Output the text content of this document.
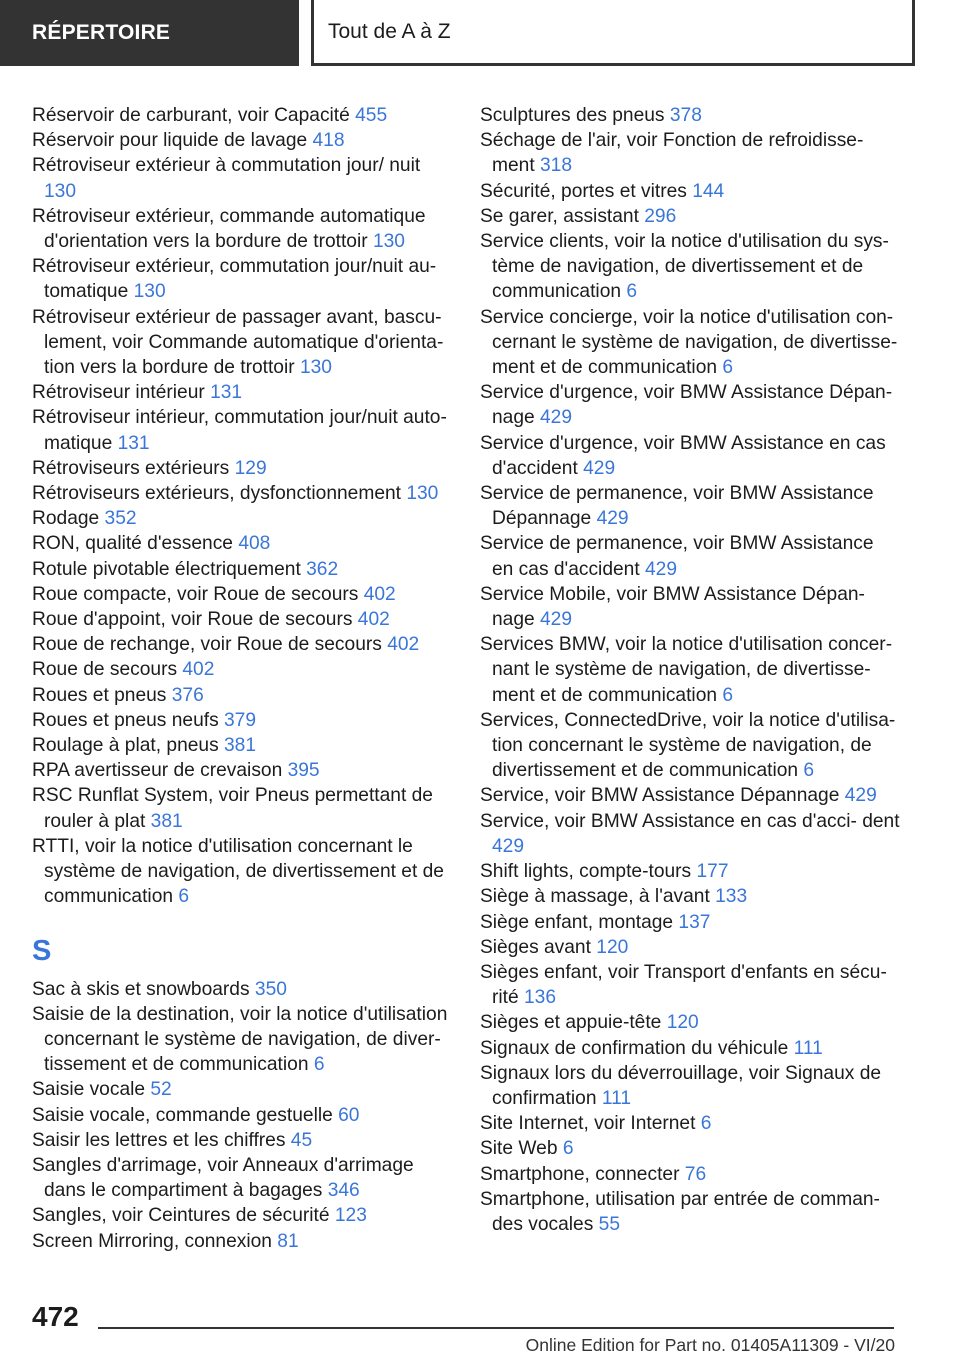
RÉPERTOIRE	Tout de A à Z
Réservoir de carburant, voir Capacité 455
Réservoir pour liquide de lavage 418
Rétroviseur extérieur à commutation jour/ nuit 130
Rétroviseur extérieur, commande automatique d'orientation vers la bordure de trottoir 130
Rétroviseur extérieur, commutation jour/nuit au- tomatique 130
Rétroviseur extérieur de passager avant, bascu- lement, voir Commande automatique d'orienta- tion vers la bordure de trottoir 130
Rétroviseur intérieur 131
Rétroviseur intérieur, commutation jour/nuit auto- matique 131
Rétroviseurs extérieurs 129
Rétroviseurs extérieurs, dysfonctionnement 130
Rodage 352
RON, qualité d'essence 408
Rotule pivotable électriquement 362
Roue compacte, voir Roue de secours 402
Roue d'appoint, voir Roue de secours 402
Roue de rechange, voir Roue de secours 402
Roue de secours 402
Roues et pneus 376
Roues et pneus neufs 379
Roulage à plat, pneus 381
RPA avertisseur de crevaison 395
RSC Runflat System, voir Pneus permettant de rouler à plat 381
RTTI, voir la notice d'utilisation concernant le système de navigation, de divertissement et de communication 6
S
Sac à skis et snowboards 350
Saisie de la destination, voir la notice d'utilisation concernant le système de navigation, de diver- tissement et de communication 6
Saisie vocale 52
Saisie vocale, commande gestuelle 60
Saisir les lettres et les chiffres 45
Sangles d'arrimage, voir Anneaux d'arrimage dans le compartiment à bagages 346
Sangles, voir Ceintures de sécurité 123
Screen Mirroring, connexion 81
Sculptures des pneus 378
Séchage de l'air, voir Fonction de refroidisse- ment 318
Sécurité, portes et vitres 144
Se garer, assistant 296
Service clients, voir la notice d'utilisation du sys- tème de navigation, de divertissement et de communication 6
Service concierge, voir la notice d'utilisation con- cernant le système de navigation, de divertisse- ment et de communication 6
Service d'urgence, voir BMW Assistance Dépan- nage 429
Service d'urgence, voir BMW Assistance en cas d'accident 429
Service de permanence, voir BMW Assistance Dépannage 429
Service de permanence, voir BMW Assistance en cas d'accident 429
Service Mobile, voir BMW Assistance Dépan- nage 429
Services BMW, voir la notice d'utilisation concer- nant le système de navigation, de divertisse- ment et de communication 6
Services, ConnectedDrive, voir la notice d'utilisa- tion concernant le système de navigation, de divertissement et de communication 6
Service, voir BMW Assistance Dépannage 429
Service, voir BMW Assistance en cas d'acci- dent 429
Shift lights, compte-tours 177
Siège à massage, à l'avant 133
Siège enfant, montage 137
Sièges avant 120
Sièges enfant, voir Transport d'enfants en sécu- rité 136
Sièges et appuie-tête 120
Signaux de confirmation du véhicule 111
Signaux lors du déverrouillage, voir Signaux de confirmation 111
Site Internet, voir Internet 6
Site Web 6
Smartphone, connecter 76
Smartphone, utilisation par entrée de comman- des vocales 55
472
Online Edition for Part no. 01405A11309 - VI/20
